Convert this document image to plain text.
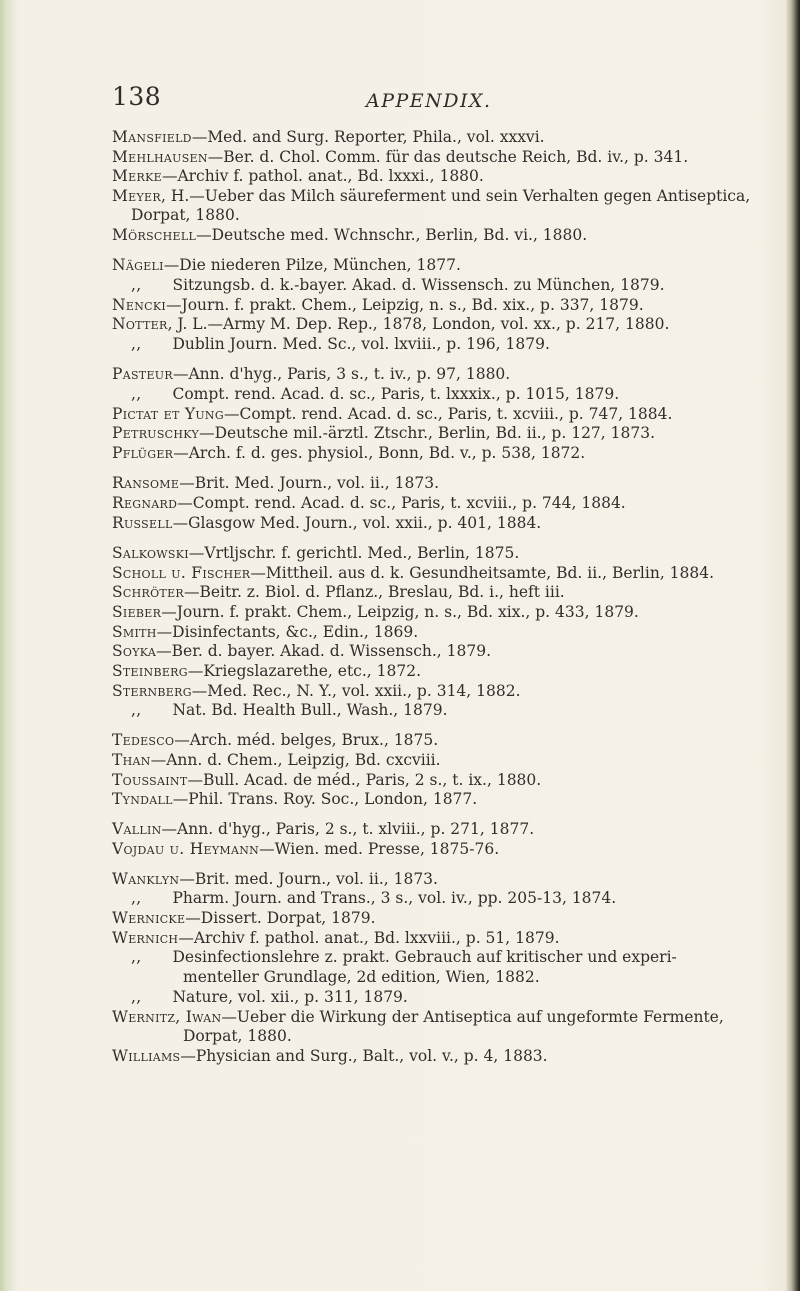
138	APPENDIX.
Mansfield—Med. and Surg. Reporter, Phila., vol. xxxvi.
Mehlhausen—Ber. d. Chol. Comm. für das deutsche Reich, Bd. iv., p. 341.
Merke—Archiv f. pathol. anat., Bd. lxxxi., 1880.
Meyer, H.—Ueber das Milch säureferment und sein Verhalten gegen Antiseptica,
Dorpat, 1880.
Mörschell—Deutsche med. Wchnschr., Berlin, Bd. vi., 1880.
Nägeli—Die niederen Pilze, München, 1877.
,,   Sitzungsb. d. k.-bayer. Akad. d. Wissensch. zu München, 1879.
Nencki—Journ. f. prakt. Chem., Leipzig, n. s., Bd. xix., p. 337, 1879.
Notter, J. L.—Army M. Dep. Rep., 1878, London, vol. xx., p. 217, 1880.
,,   Dublin Journ. Med. Sc., vol. lxviii., p. 196, 1879.
Pasteur—Ann. d'hyg., Paris, 3 s., t. iv., p. 97, 1880.
,,   Compt. rend. Acad. d. sc., Paris, t. lxxxix., p. 1015, 1879.
Pictat et Yung—Compt. rend. Acad. d. sc., Paris, t. xcviii., p. 747, 1884.
Petruschky—Deutsche mil.-ärztl. Ztschr., Berlin, Bd. ii., p. 127, 1873.
Pflüger—Arch. f. d. ges. physiol., Bonn, Bd. v., p. 538, 1872.
Ransome—Brit. Med. Journ., vol. ii., 1873.
Regnard—Compt. rend. Acad. d. sc., Paris, t. xcviii., p. 744, 1884.
Russell—Glasgow Med. Journ., vol. xxii., p. 401, 1884.
Salkowski—Vrtljschr. f. gerichtl. Med., Berlin, 1875.
Scholl u. Fischer—Mittheil. aus d. k. Gesundheitsamte, Bd. ii., Berlin, 1884.
Schröter—Beitr. z. Biol. d. Pflanz., Breslau, Bd. i., heft iii.
Sieber—Journ. f. prakt. Chem., Leipzig, n. s., Bd. xix., p. 433, 1879.
Smith—Disinfectants, &c., Edin., 1869.
Soyka—Ber. d. bayer. Akad. d. Wissensch., 1879.
Steinberg—Kriegslazarethe, etc., 1872.
Sternberg—Med. Rec., N. Y., vol. xxii., p. 314, 1882.
,,   Nat. Bd. Health Bull., Wash., 1879.
Tedesco—Arch. méd. belges, Brux., 1875.
Than—Ann. d. Chem., Leipzig, Bd. cxcviii.
Toussaint—Bull. Acad. de méd., Paris, 2 s., t. ix., 1880.
Tyndall—Phil. Trans. Roy. Soc., London, 1877.
Vallin—Ann. d'hyg., Paris, 2 s., t. xlviii., p. 271, 1877.
Vojdau u. Heymann—Wien. med. Presse, 1875-76.
Wanklyn—Brit. med. Journ., vol. ii., 1873.
,,   Pharm. Journ. and Trans., 3 s., vol. iv., pp. 205-13, 1874.
Wernicke—Dissert. Dorpat, 1879.
Wernich—Archiv f. pathol. anat., Bd. lxxviii., p. 51, 1879.
,,   Desinfectionslehre z. prakt. Gebrauch auf kritischer und experi-
menteller Grundlage, 2d edition, Wien, 1882.
,,   Nature, vol. xii., p. 311, 1879.
Wernitz, Iwan—Ueber die Wirkung der Antiseptica auf ungeformte Fermente,
Dorpat, 1880.
Williams—Physician and Surg., Balt., vol. v., p. 4, 1883.
